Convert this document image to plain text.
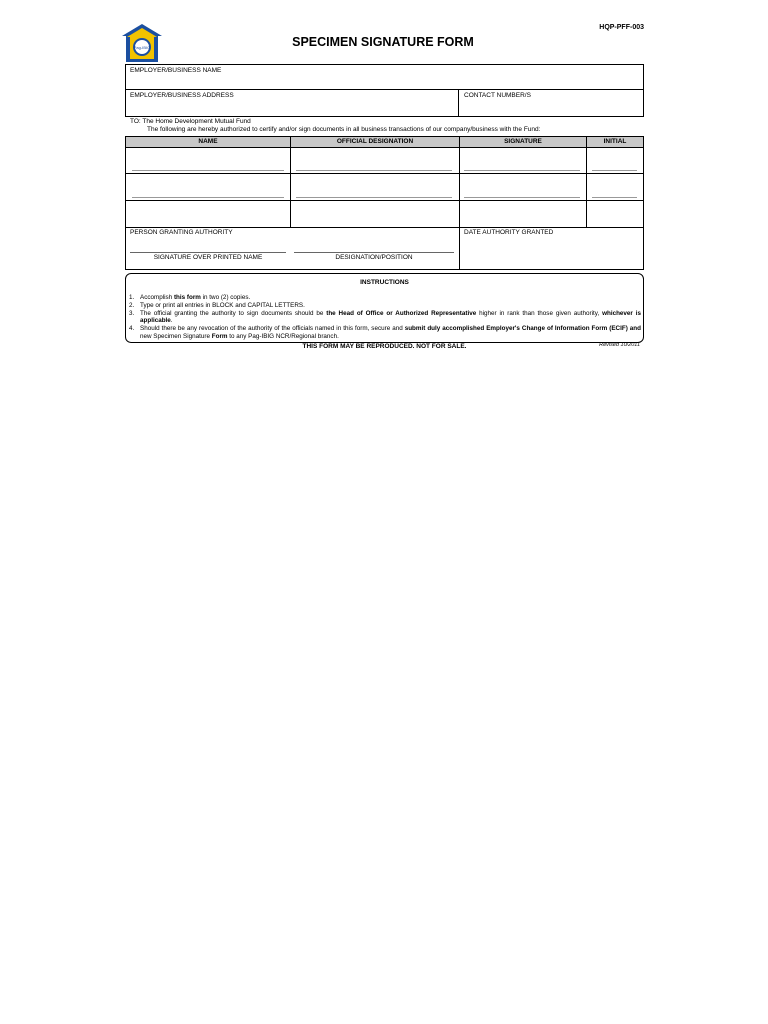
Pag-IBIG
HQP-PFF-003
SPECIMEN SIGNATURE FORM
EMPLOYER/BUSINESS NAME
EMPLOYER/BUSINESS ADDRESS	CONTACT NUMBER/S
TO: The Home Development Mutual Fund
The following are hereby authorized to certify and/or sign documents in all business transactions of our company/business with the Fund:
NAME	OFFICIAL DESIGNATION	SIGNATURE	INITIAL
PERSON GRANTING AUTHORITY
SIGNATURE OVER PRINTED NAME	DESIGNATION/POSITION
DATE AUTHORITY GRANTED
INSTRUCTIONS
1. Accomplish this form in two (2) copies.
2. Type or print all entries in BLOCK and CAPITAL LETTERS.
3. The official granting the authority to sign documents should be the Head of Office or Authorized Representative higher in rank than those given authority, whichever is applicable.
4. Should there be any revocation of the authority of the officials named in this form, secure and submit duly accomplished Employer's Change of Information Form (ECIF) and new Specimen Signature Form to any Pag-IBIG NCR/Regional branch.
THIS FORM MAY BE REPRODUCED. NOT FOR SALE.	Revised 10/2011
